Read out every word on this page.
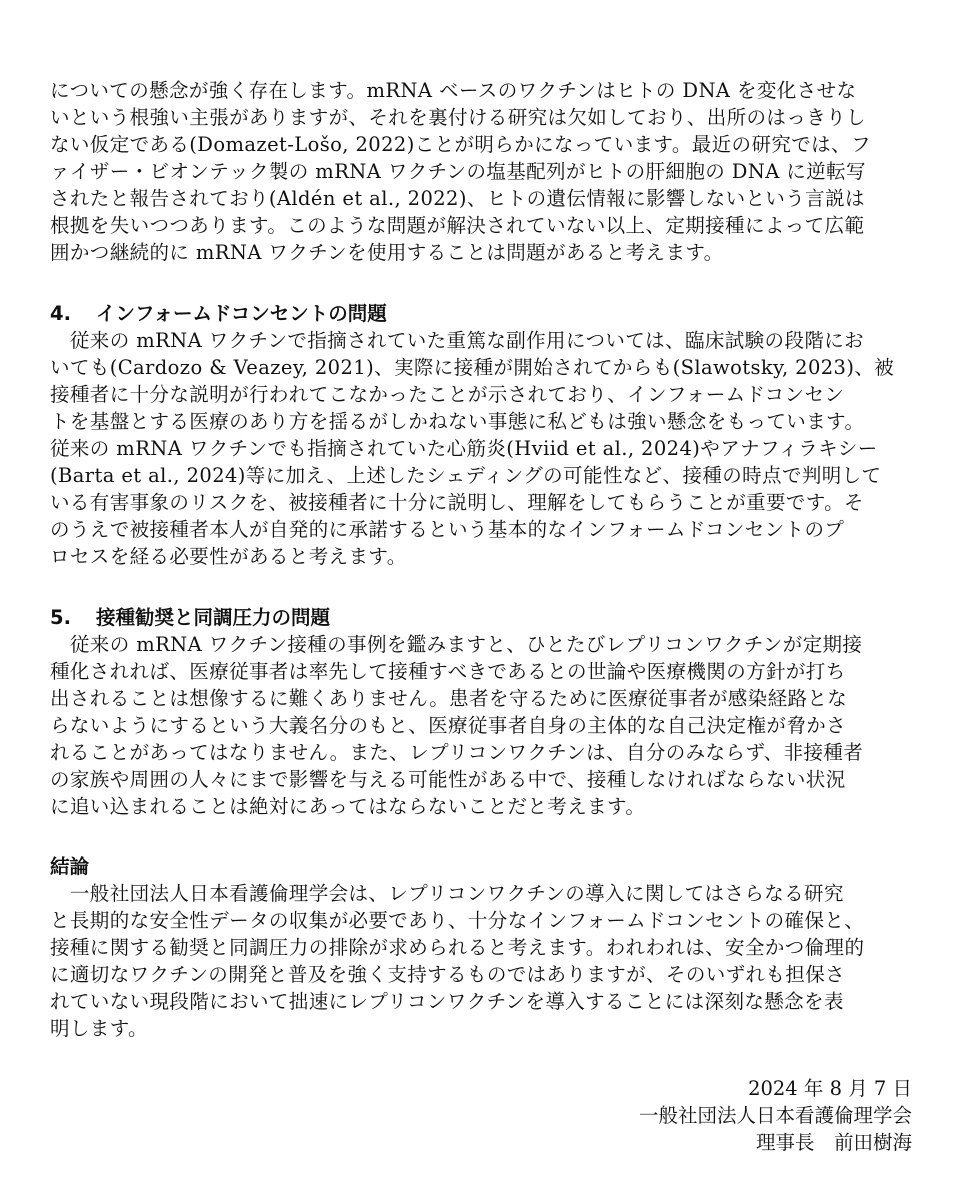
についての懸念が強く存在します。mRNA ベースのワクチンはヒトの DNA を変化させな
いという根強い主張がありますが、それを裏付ける研究は欠如しており、出所のはっきりし
ない仮定である(Domazet-Lošo, 2022)ことが明らかになっています。最近の研究では、フ
ァイザー・ビオンテック製の mRNA ワクチンの塩基配列がヒトの肝細胞の DNA に逆転写
されたと報告されており(Aldén et al., 2022)、ヒトの遺伝情報に影響しないという言説は
根拠を失いつつあります。このような問題が解決されていない以上、定期接種によって広範
囲かつ継続的に mRNA ワクチンを使用することは問題があると考えます。
4. インフォームドコンセントの問題
　従来の mRNA ワクチンで指摘されていた重篤な副作用については、臨床試験の段階にお
いても(Cardozo & Veazey, 2021)、実際に接種が開始されてからも(Slawotsky, 2023)、被
接種者に十分な説明が行われてこなかったことが示されており、インフォームドコンセン
トを基盤とする医療のあり方を揺るがしかねない事態に私どもは強い懸念をもっています。
従来の mRNA ワクチンでも指摘されていた心筋炎(Hviid et al., 2024)やアナフィラキシー
(Barta et al., 2024)等に加え、上述したシェディングの可能性など、接種の時点で判明して
いる有害事象のリスクを、被接種者に十分に説明し、理解をしてもらうことが重要です。そ
のうえで被接種者本人が自発的に承諾するという基本的なインフォームドコンセントのプ
ロセスを経る必要性があると考えます。
5. 接種勧奨と同調圧力の問題
　従来の mRNA ワクチン接種の事例を鑑みますと、ひとたびレプリコンワクチンが定期接
種化されれば、医療従事者は率先して接種すべきであるとの世論や医療機関の方針が打ち
出されることは想像するに難くありません。患者を守るために医療従事者が感染経路とな
らないようにするという大義名分のもと、医療従事者自身の主体的な自己決定権が脅かさ
れることがあってはなりません。また、レプリコンワクチンは、自分のみならず、非接種者
の家族や周囲の人々にまで影響を与える可能性がある中で、接種しなければならない状況
に追い込まれることは絶対にあってはならないことだと考えます。
結論
　一般社団法人日本看護倫理学会は、レプリコンワクチンの導入に関してはさらなる研究
と長期的な安全性データの収集が必要であり、十分なインフォームドコンセントの確保と、
接種に関する勧奨と同調圧力の排除が求められると考えます。われわれは、安全かつ倫理的
に適切なワクチンの開発と普及を強く支持するものではありますが、そのいずれも担保さ
れていない現段階において拙速にレプリコンワクチンを導入することには深刻な懸念を表
明します。
2024 年 8 月 7 日
一般社団法人日本看護倫理学会
理事長　前田樹海
